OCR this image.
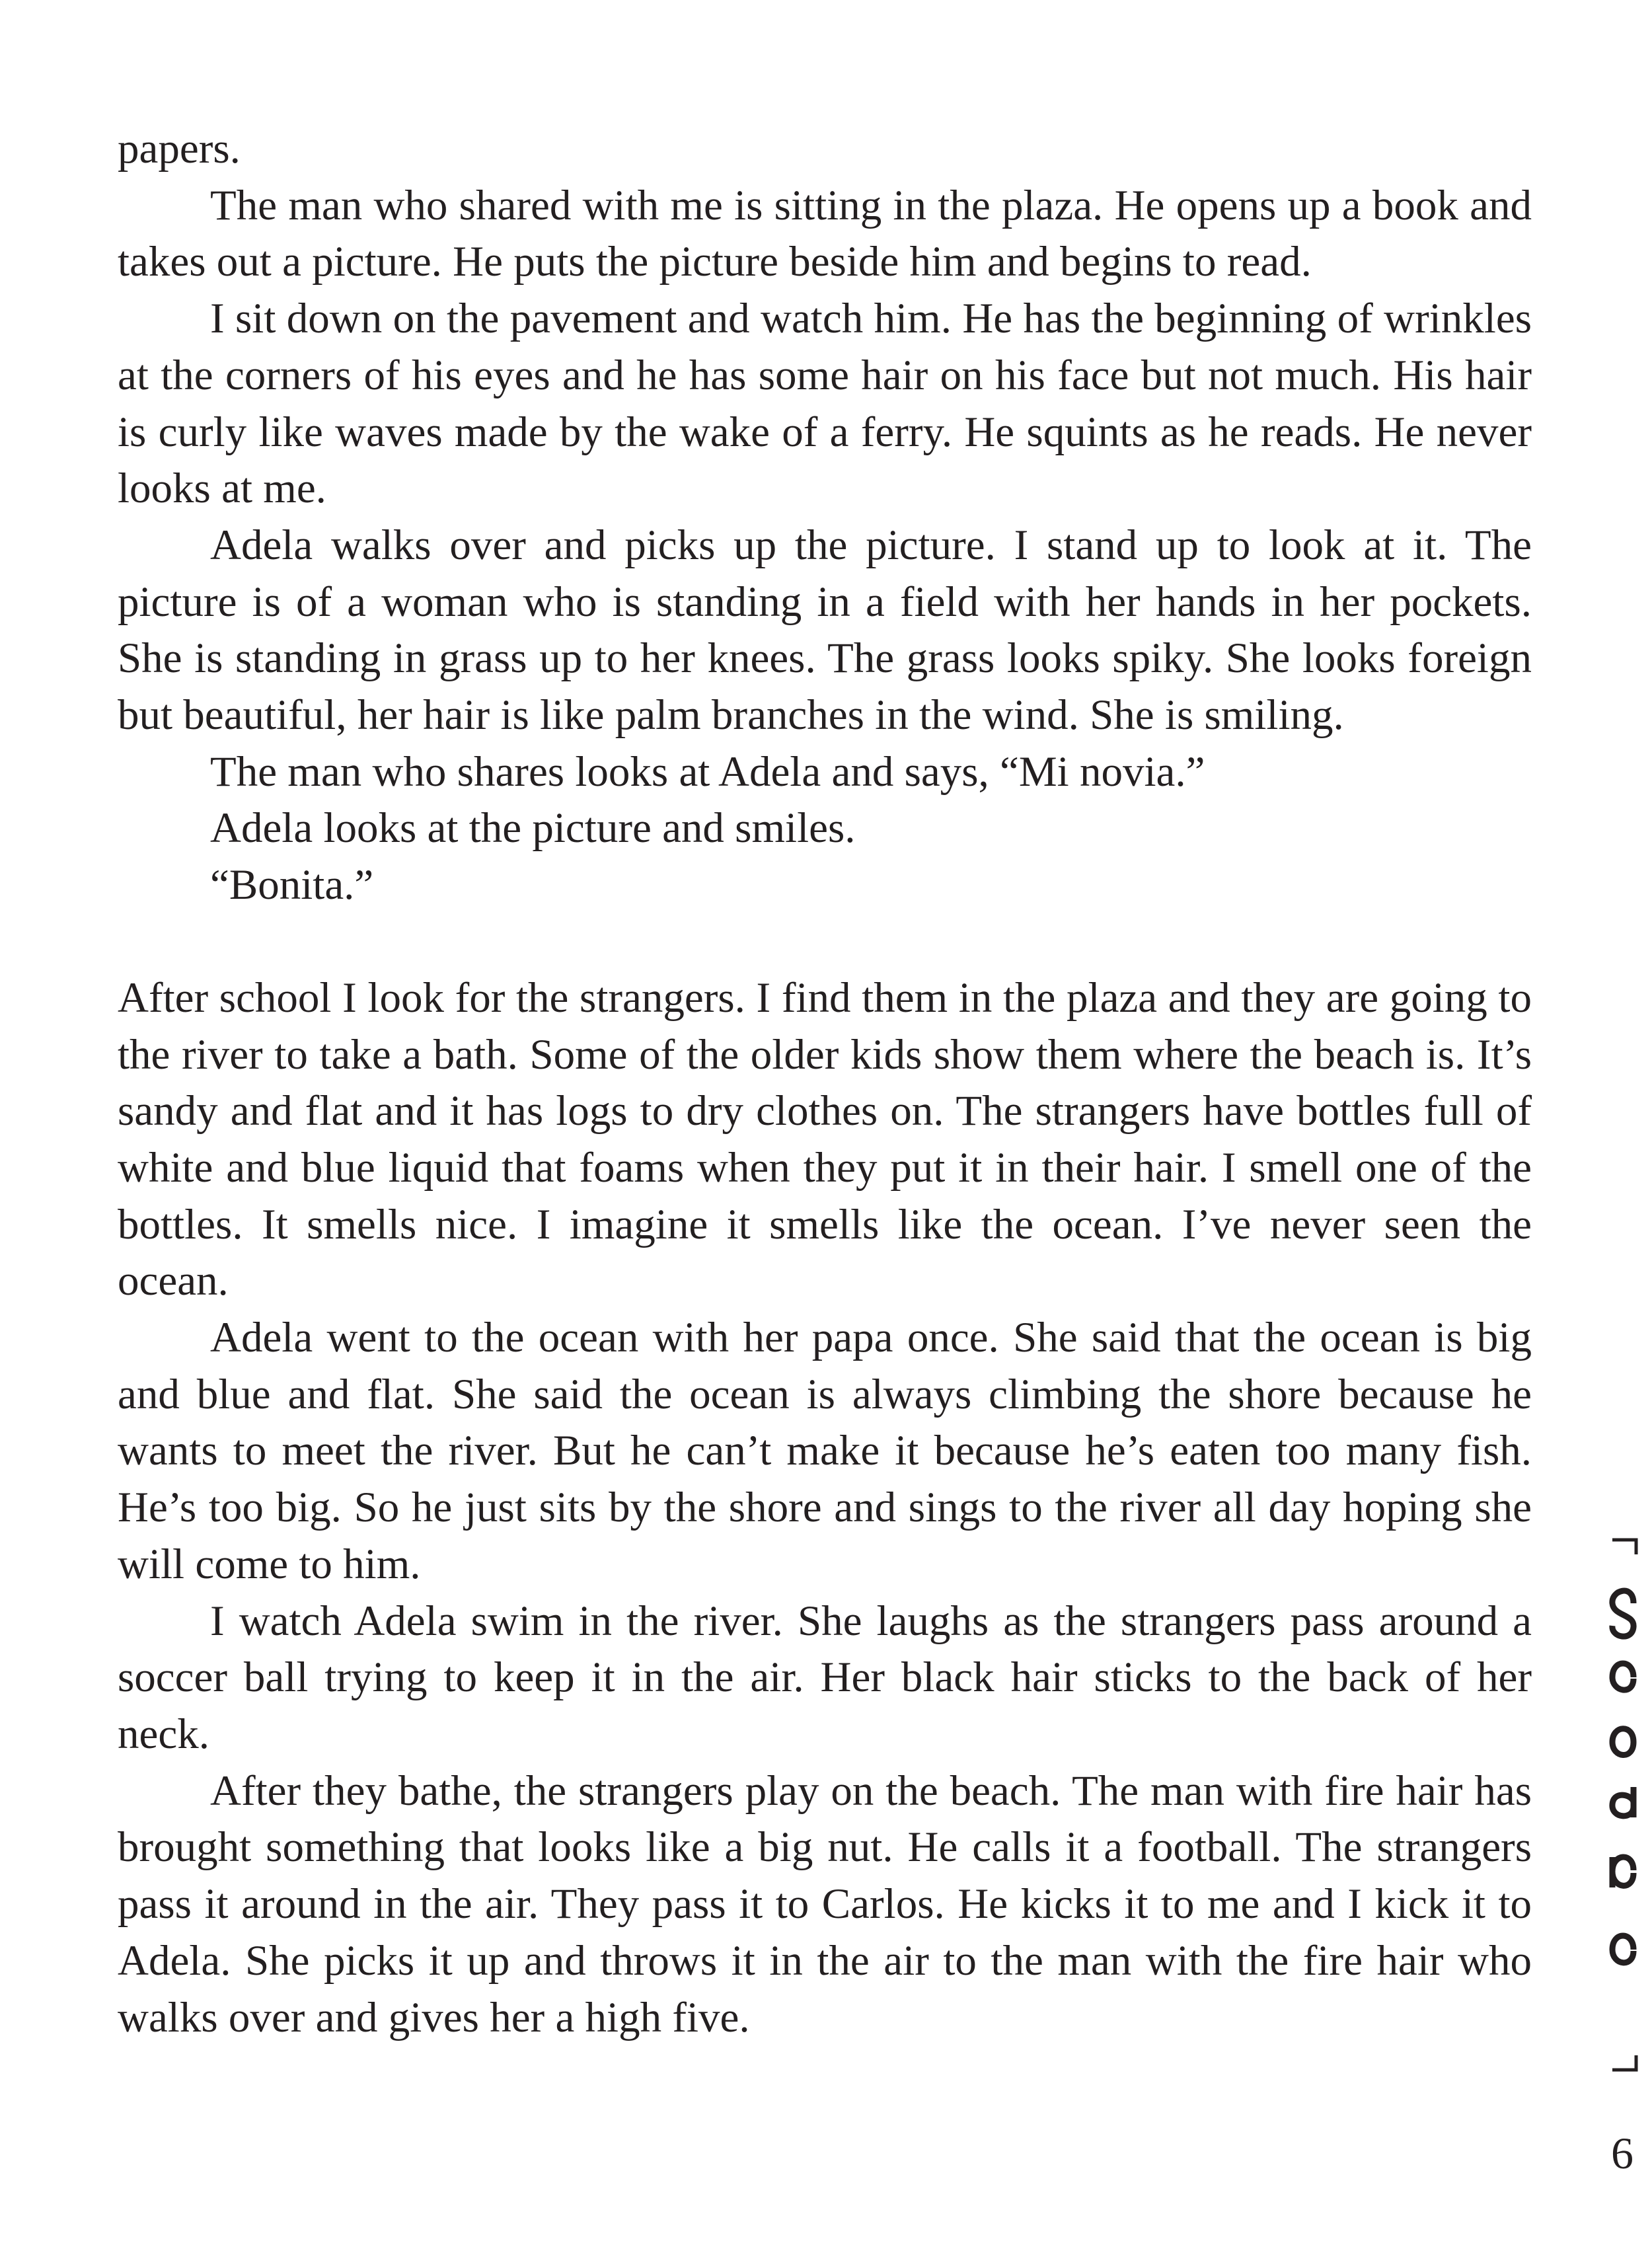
papers.

The man who shared with me is sitting in the plaza. He opens up a book and takes out a picture. He puts the picture beside him and begins to read.

I sit down on the pavement and watch him. He has the beginning of wrinkles at the corners of his eyes and he has some hair on his face but not much. His hair is curly like waves made by the wake of a ferry. He squints as he reads. He never looks at me.

Adela walks over and picks up the picture. I stand up to look at it. The picture is of a woman who is standing in a field with her hands in her pockets. She is standing in grass up to her knees. The grass looks spiky. She looks foreign but beautiful, her hair is like palm branches in the wind. She is smiling.

The man who shares looks at Adela and says, “Mi novia.”

Adela looks at the picture and smiles.

“Bonita.”

After school I look for the strangers. I find them in the plaza and they are going to the river to take a bath. Some of the older kids show them where the beach is. It’s sandy and flat and it has logs to dry clothes on. The strangers have bottles full of white and blue liquid that foams when they put it in their hair. I smell one of the bottles. It smells nice. I imagine it smells like the ocean. I’ve never seen the ocean.

Adela went to the ocean with her papa once. She said that the ocean is big and blue and flat. She said the ocean is always climbing the shore because he wants to meet the river. But he can’t make it because he’s eaten too many fish. He’s too big. So he just sits by the shore and sings to the river all day hoping she will come to him.

I watch Adela swim in the river. She laughs as the strangers pass around a soccer ball trying to keep it in the air. Her black hair sticks to the back of her neck.

After they bathe, the strangers play on the beach. The man with fire hair has brought something that looks like a big nut. He calls it a football. The strangers pass it around in the air. They pass it to Carlos. He kicks it to me and I kick it to Adela. She picks it up and throws it in the air to the man with the fire hair who walks over and gives her a high five.

6
